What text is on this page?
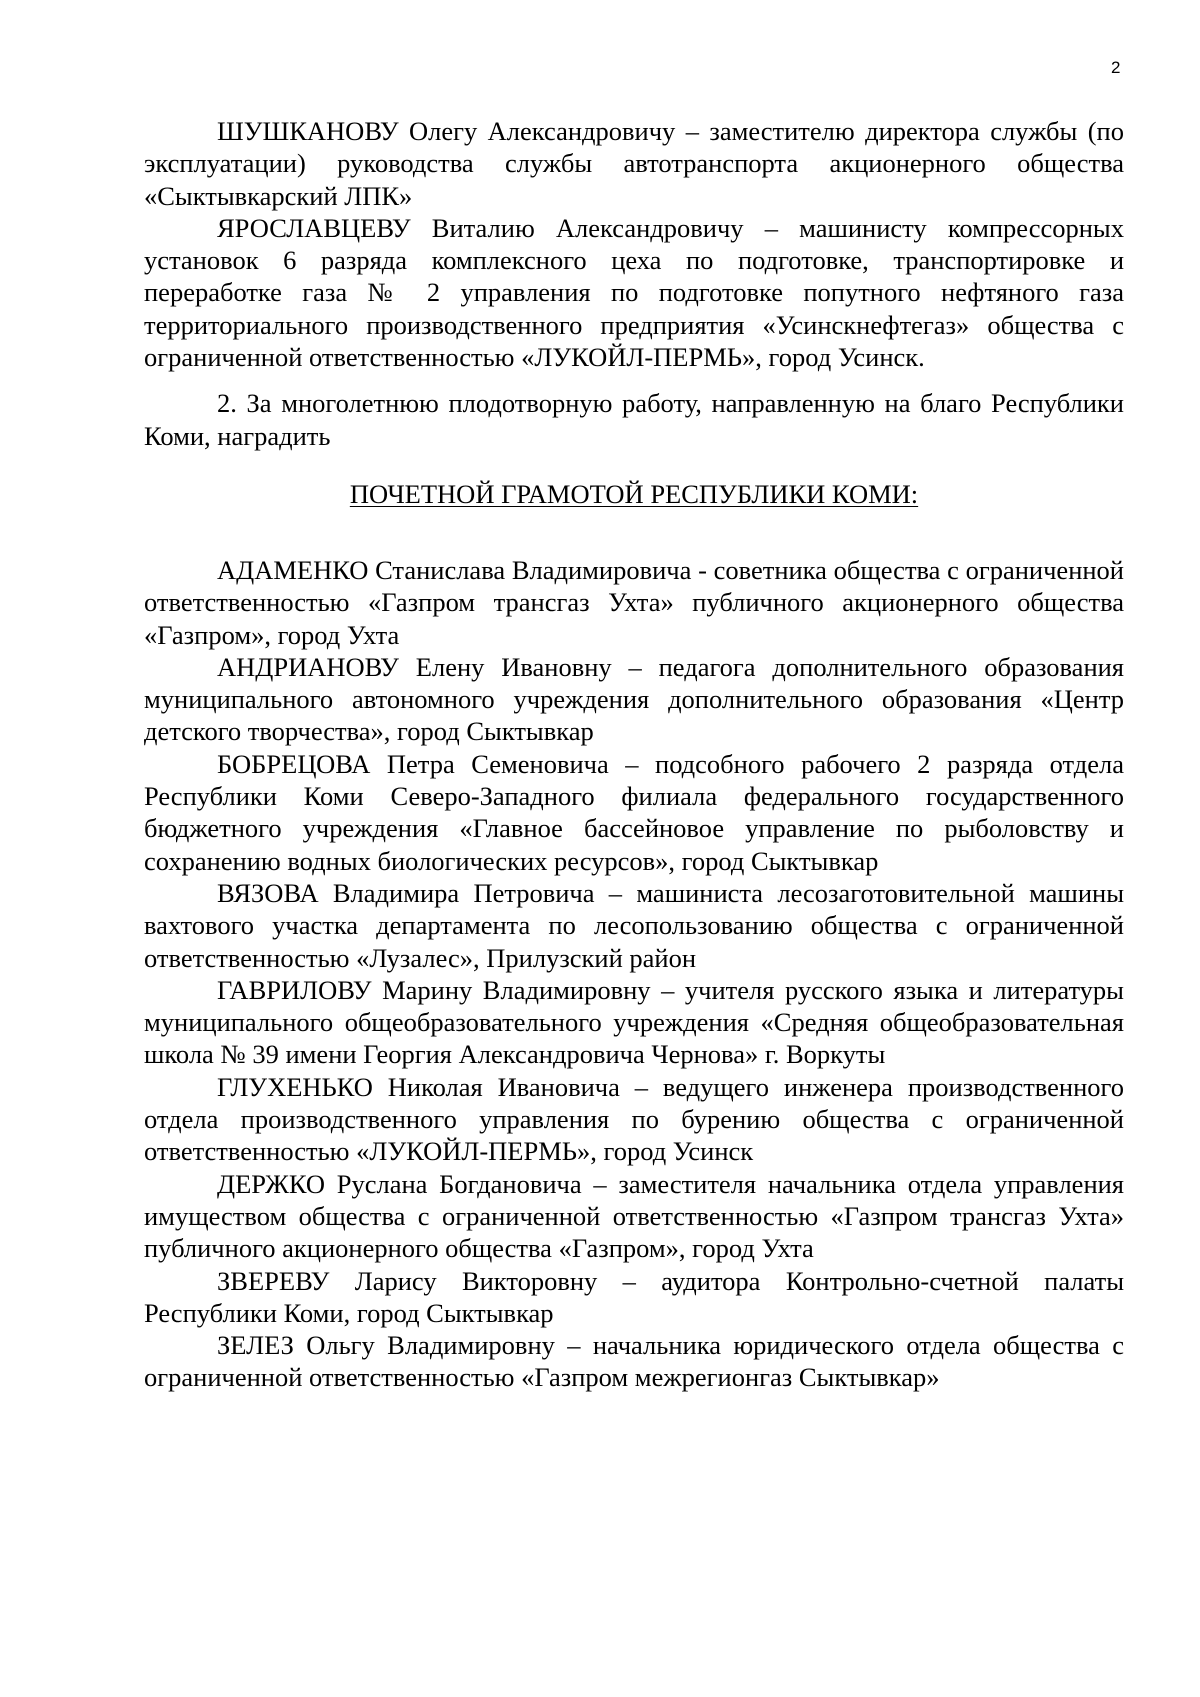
2

ШУШКАНОВУ Олегу Александровичу – заместителю директора службы (по эксплуатации) руководства службы автотранспорта акционерного общества «Сыктывкарский ЛПК»

ЯРОСЛАВЦЕВУ Виталию Александровичу – машинисту компрессорных установок 6 разряда комплексного цеха по подготовке, транспортировке и переработке газа № 2 управления по подготовке попутного нефтяного газа территориального производственного предприятия «Усинскнефтегаз» общества с ограниченной ответственностью «ЛУКОЙЛ-ПЕРМЬ», город Усинск.

2. За многолетнюю плодотворную работу, направленную на благо Республики Коми, наградить

ПОЧЕТНОЙ ГРАМОТОЙ РЕСПУБЛИКИ КОМИ:

АДАМЕНКО Станислава Владимировича - советника общества с ограниченной ответственностью «Газпром трансгаз Ухта» публичного акционерного общества «Газпром», город Ухта

АНДРИАНОВУ Елену Ивановну – педагога дополнительного образования муниципального автономного учреждения дополнительного образования «Центр детского творчества», город Сыктывкар

БОБРЕЦОВА Петра Семеновича – подсобного рабочего 2 разряда отдела Республики Коми Северо-Западного филиала федерального государственного бюджетного учреждения «Главное бассейновое управление по рыболовству и сохранению водных биологических ресурсов», город Сыктывкар

ВЯЗОВА Владимира Петровича – машиниста лесозаготовительной машины вахтового участка департамента по лесопользованию общества с ограниченной ответственностью «Лузалес», Прилузский район

ГАВРИЛОВУ Марину Владимировну – учителя русского языка и литературы муниципального общеобразовательного учреждения «Средняя общеобразовательная школа № 39 имени Георгия Александровича Чернова» г. Воркуты

ГЛУХЕНЬКО Николая Ивановича – ведущего инженера производственного отдела производственного управления по бурению общества с ограниченной ответственностью «ЛУКОЙЛ-ПЕРМЬ», город Усинск

ДЕРЖКО Руслана Богдановича – заместителя начальника отдела управления имуществом общества с ограниченной ответственностью «Газпром трансгаз Ухта» публичного акционерного общества «Газпром», город Ухта

ЗВЕРЕВУ Ларису Викторовну – аудитора Контрольно-счетной палаты Республики Коми, город Сыктывкар

ЗЕЛЕЗ Ольгу Владимировну – начальника юридического отдела общества с ограниченной ответственностью «Газпром межрегионгаз Сыктывкар»
